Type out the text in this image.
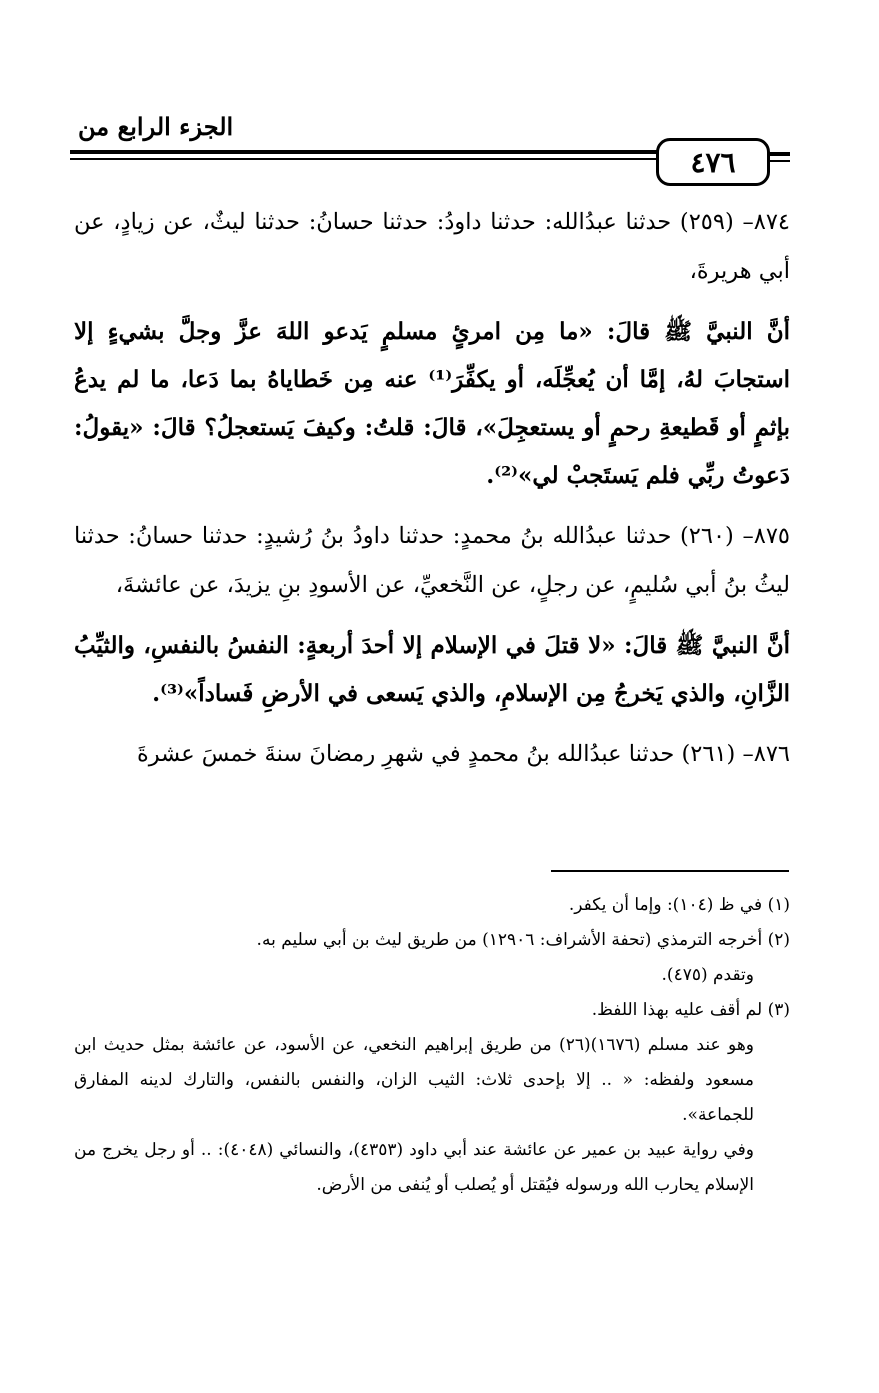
الجزء الرابع من
٤٧٦

٨٧٤– (٢٥٩) حدثنا عبدُالله: حدثنا داودُ: حدثنا حسانُ: حدثنا ليثٌ، عن زيادٍ، عن أبي هريرةَ،

أنَّ النبيَّ ﷺ قالَ: «ما مِن امرئٍ مسلمٍ يَدعو اللهَ عزَّ وجلَّ بشيءٍ إلا استجابَ لهُ، إمَّا أن يُعجِّلَه، أو يكفِّرَ⁽¹⁾ عنه مِن خَطاياهُ بما دَعا، ما لم يدعُ بإثمٍ أو قَطيعةِ رحمٍ أو يستعجِلَ»، قالَ: قلتُ: وكيفَ يَستعجلُ؟ قالَ: «يقولُ: دَعوتُ ربِّي فلم يَستَجبْ لي»⁽²⁾.

٨٧٥– (٢٦٠) حدثنا عبدُالله بنُ محمدٍ: حدثنا داودُ بنُ رُشيدٍ: حدثنا حسانُ: حدثنا ليثُ بنُ أبي سُليمٍ، عن رجلٍ، عن النَّخعيِّ، عن الأسودِ بنِ يزيدَ، عن عائشةَ،

أنَّ النبيَّ ﷺ قالَ: «لا قتلَ في الإسلام إلا أحدَ أربعةٍ: النفسُ بالنفسِ، والثيِّبُ الزَّانِ، والذي يَخرجُ مِن الإسلامِ، والذي يَسعى في الأرضِ فَساداً»⁽³⁾.

٨٧٦– (٢٦١) حدثنا عبدُالله بنُ محمدٍ في شهرِ رمضانَ سنةَ خمسَ عشرةَ

(١) في ظ (١٠٤): وإما أن يكفر.

(٢) أخرجه الترمذي (تحفة الأشراف: ١٢٩٠٦) من طريق ليث بن أبي سليم به.

وتقدم (٤٧٥).

(٣) لم أقف عليه بهذا اللفظ.

وهو عند مسلم (١٦٧٦)(٢٦) من طريق إبراهيم النخعي، عن الأسود، عن عائشة بمثل حديث ابن مسعود ولفظه: « .. إلا بإحدى ثلاث: الثيب الزان، والنفس بالنفس، والتارك لدينه المفارق للجماعة».

وفي رواية عبيد بن عمير عن عائشة عند أبي داود (٤٣٥٣)، والنسائي (٤٠٤٨): .. أو رجل يخرج من الإسلام يحارب الله ورسوله فيُقتل أو يُصلب أو يُنفى من الأرض.
